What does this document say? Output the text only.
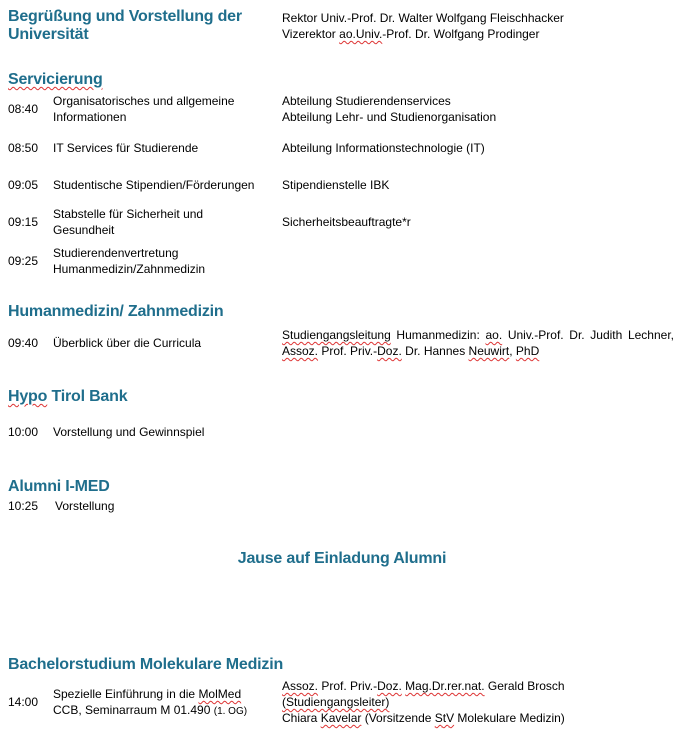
Begrüßung und Vorstellung der
Universität
Rektor Univ.-Prof. Dr. Walter Wolfgang Fleischhacker
Vizerektor ao.Univ.-Prof. Dr. Wolfgang Prodinger
Servicierung
08:40
Organisatorisches und allgemeine
Informationen
Abteilung Studierendenservices
Abteilung Lehr- und Studienorganisation
08:50 IT Services für Studierende	Abteilung Informationstechnologie (IT)
09:05 Studentische Stipendien/Förderungen Stipendienstelle IBK
09:15
Stabstelle für Sicherheit und
Gesundheit
Sicherheitsbeauftragte*r
09:25
Studierendenvertretung
Humanmedizin/Zahnmedizin
Humanmedizin/ Zahnmedizin
09:40 Überblick über die Curricula
Studiengangsleitung Humanmedizin: ao. Univ.-Prof. Dr. Judith Lechner,
Assoz. Prof. Priv.-Doz. Dr. Hannes Neuwirt, PhD
Hypo Tirol Bank
10:00 Vorstellung und Gewinnspiel
Alumni I-MED
10:25 Vorstellung
Jause auf Einladung Alumni
Bachelorstudium Molekulare Medizin
14:00
Spezielle Einführung in die MolMed
CCB, Seminarraum M 01.490 (1. OG)
Assoz. Prof. Priv.-Doz. Mag.Dr.rer.nat. Gerald Brosch
(Studiengangsleiter)
Chiara Kavelar (Vorsitzende StV Molekulare Medizin)
